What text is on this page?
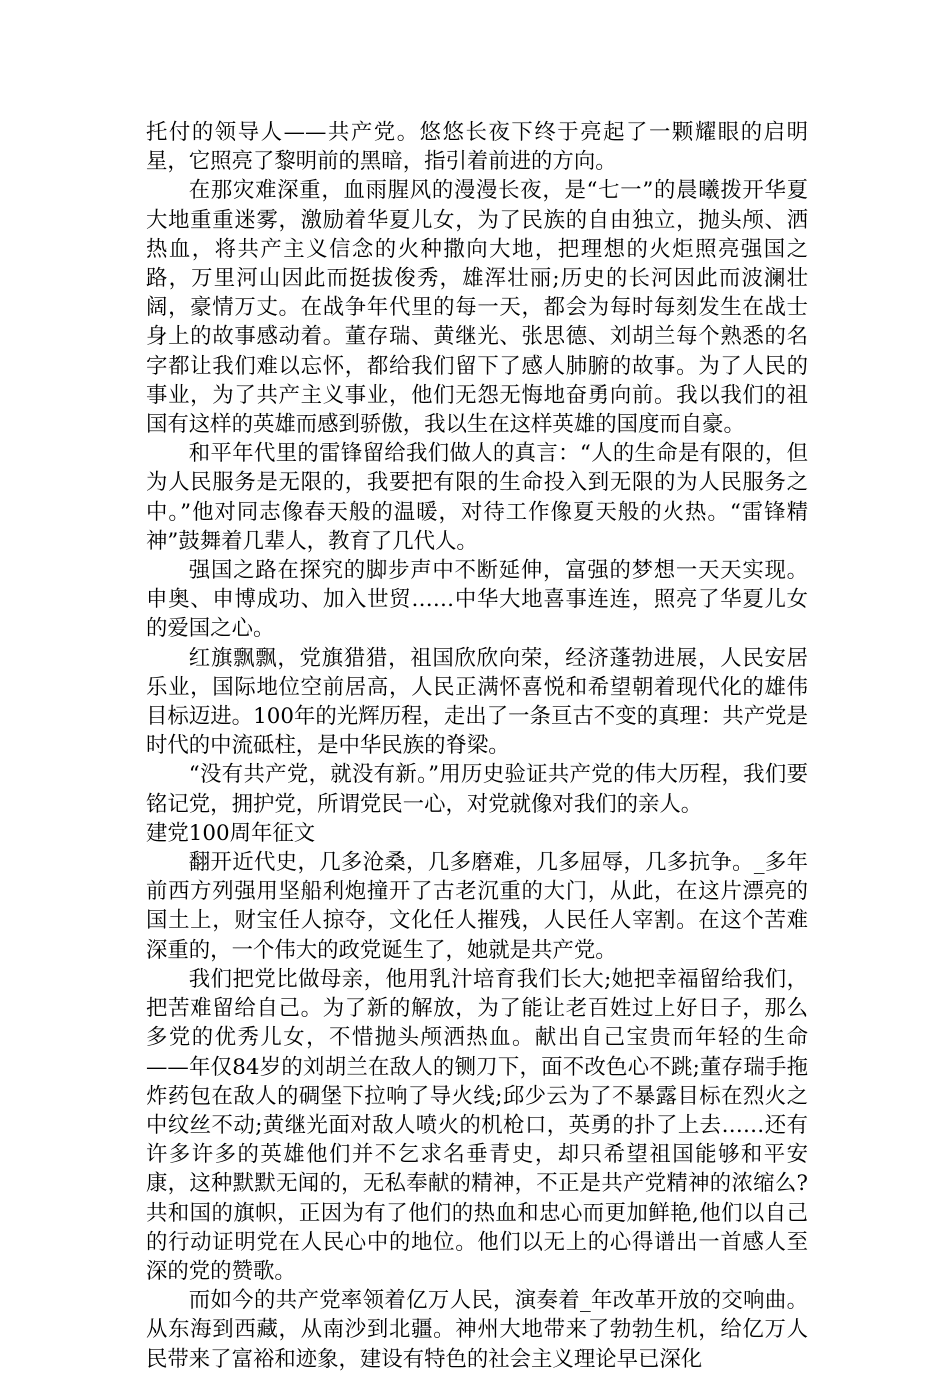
托付的领导人——共产党。悠悠长夜下终于亮起了一颗耀眼的启明星，它照亮了黎明前的黑暗，指引着前进的方向。

在那灾难深重，血雨腥风的漫漫长夜，是“七一”的晨曦拨开华夏大地重重迷雾，激励着华夏儿女，为了民族的自由独立，抛头颅、洒热血，将共产主义信念的火种撒向大地，把理想的火炬照亮强国之路，万里河山因此而挺拔俊秀，雄浑壮丽;历史的长河因此而波澜壮阔，豪情万丈。在战争年代里的每一天，都会为每时每刻发生在战士身上的故事感动着。董存瑞、黄继光、张思德、刘胡兰每个熟悉的名字都让我们难以忘怀，都给我们留下了感人肺腑的故事。为了人民的事业，为了共产主义事业，他们无怨无悔地奋勇向前。我以我们的祖国有这样的英雄而感到骄傲，我以生在这样英雄的国度而自豪。

和平年代里的雷锋留给我们做人的真言：“人的生命是有限的，但为人民服务是无限的，我要把有限的生命投入到无限的为人民服务之中。”他对同志像春天般的温暖，对待工作像夏天般的火热。“雷锋精神”鼓舞着几辈人，教育了几代人。

强国之路在探究的脚步声中不断延伸，富强的梦想一天天实现。申奥、申博成功、加入世贸……中华大地喜事连连，照亮了华夏儿女的爱国之心。

红旗飘飘，党旗猎猎，祖国欣欣向荣，经济蓬勃进展，人民安居乐业，国际地位空前居高，人民正满怀喜悦和希望朝着现代化的雄伟目标迈进。100年的光辉历程，走出了一条亘古不变的真理：共产党是时代的中流砥柱，是中华民族的脊梁。

“没有共产党，就没有新。”用历史验证共产党的伟大历程，我们要铭记党，拥护党，所谓党民一心，对党就像对我们的亲人。

建党100周年征文

翻开近代史，几多沧桑，几多磨难，几多屈辱，几多抗争。_多年前西方列强用坚船利炮撞开了古老沉重的大门，从此，在这片漂亮的国土上，财宝任人掠夺，文化任人摧残，人民任人宰割。在这个苦难深重的，一个伟大的政党诞生了，她就是共产党。

我们把党比做母亲，他用乳汁培育我们长大;她把幸福留给我们，把苦难留给自己。为了新的解放，为了能让老百姓过上好日子，那么多党的优秀儿女，不惜抛头颅洒热血。献出自己宝贵而年轻的生命——年仅84岁的刘胡兰在敌人的铡刀下，面不改色心不跳;董存瑞手拖炸药包在敌人的碉堡下拉响了导火线;邱少云为了不暴露目标在烈火之中纹丝不动;黄继光面对敌人喷火的机枪口，英勇的扑了上去……还有许多许多的英雄他们并不乞求名垂青史，却只希望祖国能够和平安康，这种默默无闻的，无私奉献的精神，不正是共产党精神的浓缩么?共和国的旗帜，正因为有了他们的热血和忠心而更加鲜艳,他们以自己的行动证明党在人民心中的地位。他们以无上的心得谱出一首感人至深的党的赞歌。

而如今的共产党率领着亿万人民，演奏着_年改革开放的交响曲。从东海到西藏，从南沙到北疆。神州大地带来了勃勃生机，给亿万人民带来了富裕和迹象，建设有特色的社会主义理论早已深化
